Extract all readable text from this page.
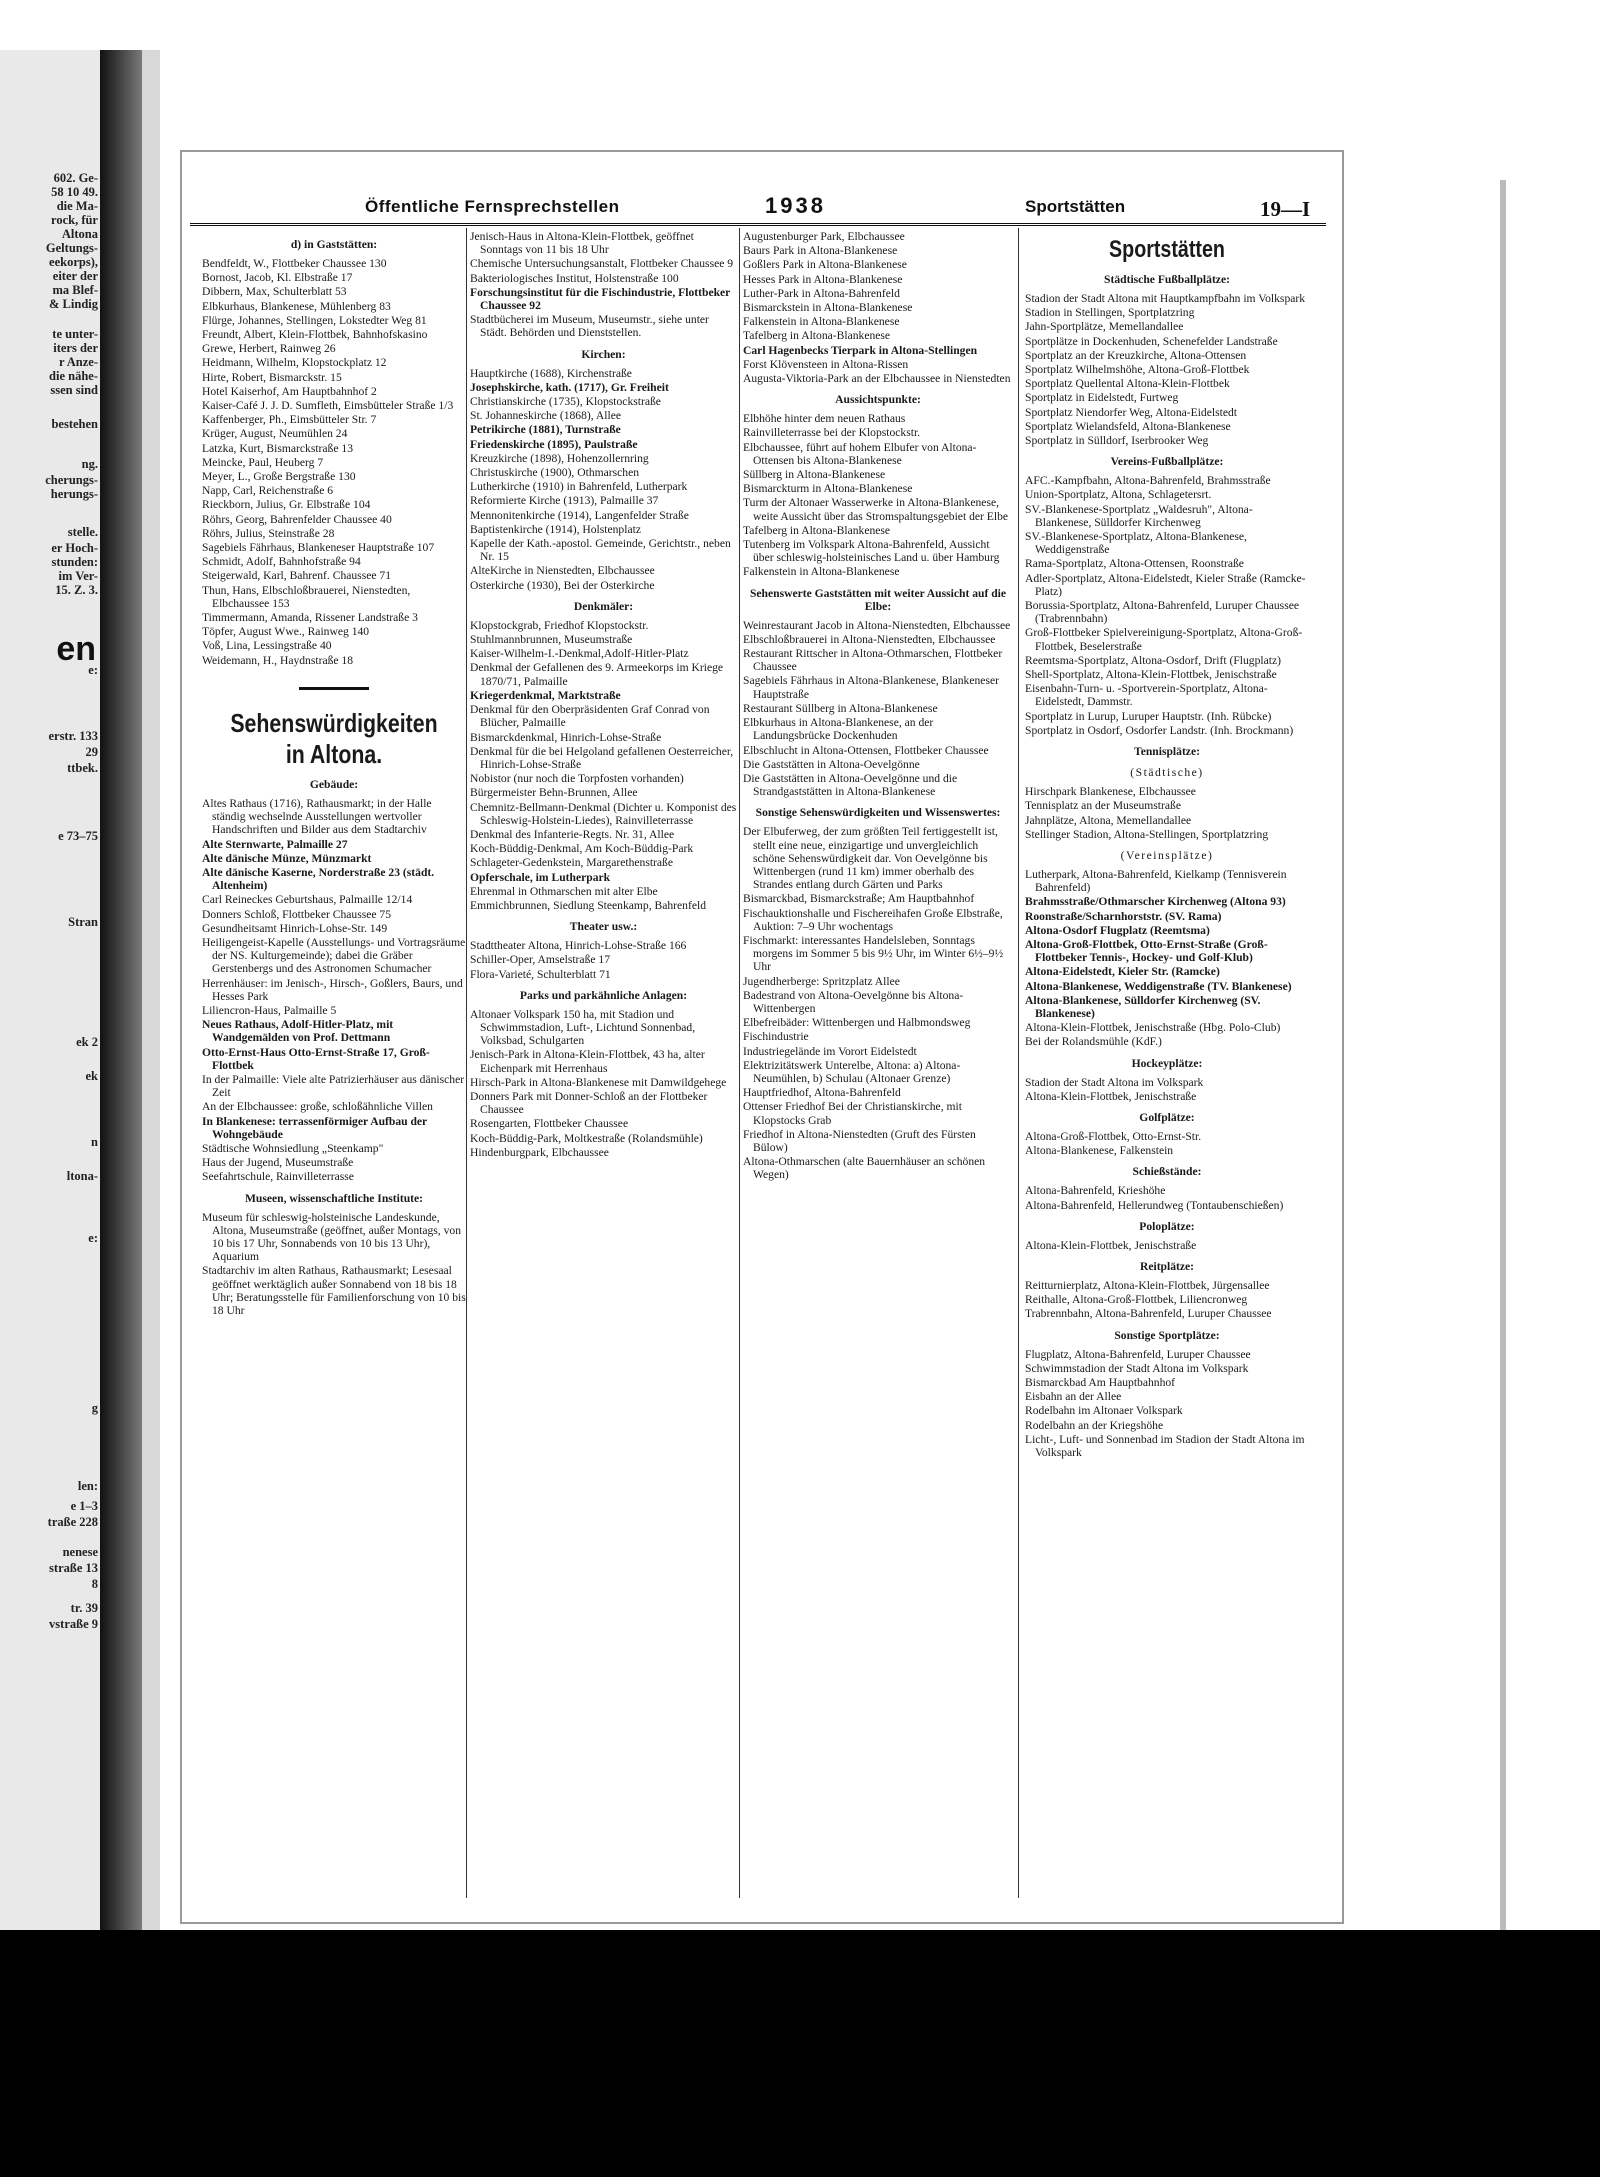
602. Ge-
58 10 49.
die Ma-
rock, für
Altona
Geltungs-
eekorps),
eiter der
ma Blef-
& Lindig
te unter-
iters der
r Anze-
die nähe-
ssen sind
bestehen
ng.
cherungs-
herungs-
stelle.
er Hoch-
stunden:
im Ver-
15. Z. 3.
e:
erstr. 133
29
ttbek.
e 73–75
Stran
ek 2
ek
n
ltona-
e:
g
len:
e 1–3
traße 228
nenese
straße 13
8
tr. 39
vstraße 9
en
Öffentliche Fernsprechstellen	1938	Sportstätten	19—I
d) in Gaststätten:
Bendfeldt, W., Flottbeker Chaussee 130
Bornost, Jacob, Kl. Elbstraße 17
Dibbern, Max, Schulterblatt 53
Elbkurhaus, Blankenese, Mühlenberg 83
Flürge, Johannes, Stellingen, Lokstedter Weg 81
Freundt, Albert, Klein-Flottbek, Bahnhofskasino
Grewe, Herbert, Rainweg 26
Heidmann, Wilhelm, Klopstockplatz 12
Hirte, Robert, Bismarckstr. 15
Hotel Kaiserhof, Am Hauptbahnhof 2
Kaiser-Café J. J. D. Sumfleth, Eimsbütteler Straße 1/3
Kaffenberger, Ph., Eimsbütteler Str. 7
Krüger, August, Neumühlen 24
Latzka, Kurt, Bismarckstraße 13
Meincke, Paul, Heuberg 7
Meyer, L., Große Bergstraße 130
Napp, Carl, Reichenstraße 6
Rieckborn, Julius, Gr. Elbstraße 104
Röhrs, Georg, Bahrenfelder Chaussee 40
Röhrs, Julius, Steinstraße 28
Sagebiels Fährhaus, Blankeneser Hauptstraße 107
Schmidt, Adolf, Bahnhofstraße 94
Steigerwald, Karl, Bahrenf. Chaussee 71
Thun, Hans, Elbschloßbrauerei, Nienstedten, Elbchaussee 153
Timmermann, Amanda, Rissener Landstraße 3
Töpfer, August Wwe., Rainweg 140
Voß, Lina, Lessingstraße 40
Weidemann, H., Haydnstraße 18
Sehenswürdigkeiten in Altona.
Gebäude:
Altes Rathaus (1716), Rathausmarkt; in der Halle ständig wechselnde Ausstellungen wertvoller Handschriften und Bilder aus dem Stadtarchiv
Alte Sternwarte, Palmaille 27
Alte dänische Münze, Münzmarkt
Alte dänische Kaserne, Norderstraße 23 (städt. Altenheim)
Carl Reineckes Geburtshaus, Palmaille 12/14
Donners Schloß, Flottbeker Chaussee 75
Gesundheitsamt Hinrich-Lohse-Str. 149
Heiligengeist-Kapelle (Ausstellungs- und Vortragsräume der NS. Kulturgemeinde); dabei die Gräber Gerstenbergs und des Astronomen Schumacher
Herrenhäuser: im Jenisch-, Hirsch-, Goßlers, Baurs, und Hesses Park
Liliencron-Haus, Palmaille 5
Neues Rathaus, Adolf-Hitler-Platz, mit Wandgemälden von Prof. Dettmann
Otto-Ernst-Haus Otto-Ernst-Straße 17, Groß-Flottbek
In der Palmaille: Viele alte Patrizierhäuser aus dänischer Zeit
An der Elbchaussee: große, schloßähnliche Villen
In Blankenese: terrassenförmiger Aufbau der Wohngebäude
Städtische Wohnsiedlung „Steenkamp"
Haus der Jugend, Museumstraße
Seefahrtschule, Rainvilleterrasse
Museen, wissenschaftliche Institute:
Museum für schleswig-holsteinische Landeskunde, Altona, Museumstraße (geöffnet, außer Montags, von 10 bis 17 Uhr, Sonnabends von 10 bis 13 Uhr), Aquarium
Stadtarchiv im alten Rathaus, Rathausmarkt; Lesesaal geöffnet werktäglich außer Sonnabend von 18 bis 18 Uhr; Beratungsstelle für Familienforschung von 10 bis 18 Uhr
Jenisch-Haus in Altona-Klein-Flottbek, geöffnet Sonntags von 11 bis 18 Uhr
Chemische Untersuchungsanstalt, Flottbeker Chaussee 9
Bakteriologisches Institut, Holstenstraße 100
Forschungsinstitut für die Fischindustrie, Flottbeker Chaussee 92
Stadtbücherei im Museum, Museumstr., siehe unter Städt. Behörden und Dienststellen.
Kirchen:
Hauptkirche (1688), Kirchenstraße
Josephskirche, kath. (1717), Gr. Freiheit
Christianskirche (1735), Klopstockstraße
St. Johanneskirche (1868), Allee
Petrikirche (1881), Turnstraße
Friedenskirche (1895), Paulstraße
Kreuzkirche (1898), Hohenzollernring
Christuskirche (1900), Othmarschen
Lutherkirche (1910) in Bahrenfeld, Lutherpark
Reformierte Kirche (1913), Palmaille 37
Mennonitenkirche (1914), Langenfelder Straße
Baptistenkirche (1914), Holstenplatz
Kapelle der Kath.-apostol. Gemeinde, Gerichtstr., neben Nr. 15
AlteKirche in Nienstedten, Elbchaussee
Osterkirche (1930), Bei der Osterkirche
Denkmäler:
Klopstockgrab, Friedhof Klopstockstr.
Stuhlmannbrunnen, Museumstraße
Kaiser-Wilhelm-I.-Denkmal,Adolf-Hitler-Platz
Denkmal der Gefallenen des 9. Armeekorps im Kriege 1870/71, Palmaille
Kriegerdenkmal, Marktstraße
Denkmal für den Oberpräsidenten Graf Conrad von Blücher, Palmaille
Bismarckdenkmal, Hinrich-Lohse-Straße
Denkmal für die bei Helgoland gefallenen Oesterreicher, Hinrich-Lohse-Straße
Nobistor (nur noch die Torpfosten vorhanden)
Bürgermeister Behn-Brunnen, Allee
Chemnitz-Bellmann-Denkmal (Dichter u. Komponist des Schleswig-Holstein-Liedes), Rainvilleterrasse
Denkmal des Infanterie-Regts. Nr. 31, Allee
Koch-Büddig-Denkmal, Am Koch-Büddig-Park
Schlageter-Gedenkstein, Margarethenstraße
Opferschale, im Lutherpark
Ehrenmal in Othmarschen mit alter Elbe
Emmichbrunnen, Siedlung Steenkamp, Bahrenfeld
Theater usw.:
Stadttheater Altona, Hinrich-Lohse-Straße 166
Schiller-Oper, Amselstraße 17
Flora-Varieté, Schulterblatt 71
Parks und parkähnliche Anlagen:
Altonaer Volkspark 150 ha, mit Stadion und Schwimmstadion, Luft-, Lichtund Sonnenbad, Volksbad, Schulgarten
Jenisch-Park in Altona-Klein-Flottbek, 43 ha, alter Eichenpark mit Herrenhaus
Hirsch-Park in Altona-Blankenese mit Damwildgehege
Donners Park mit Donner-Schloß an der Flottbeker Chaussee
Rosengarten, Flottbeker Chaussee
Koch-Büddig-Park, Moltkestraße (Rolandsmühle)
Hindenburgpark, Elbchaussee
Augustenburger Park, Elbchaussee
Baurs Park in Altona-Blankenese
Goßlers Park in Altona-Blankenese
Hesses Park in Altona-Blankenese
Luther-Park in Altona-Bahrenfeld
Bismarckstein in Altona-Blankenese
Falkenstein in Altona-Blankenese
Tafelberg in Altona-Blankenese
Carl Hagenbecks Tierpark in Altona-Stellingen
Forst Klövensteen in Altona-Rissen
Augusta-Viktoria-Park an der Elbchaussee in Nienstedten
Aussichtspunkte:
Elbhöhe hinter dem neuen Rathaus
Rainvilleterrasse bei der Klopstockstr.
Elbchaussee, führt auf hohem Elbufer von Altona-Ottensen bis Altona-Blankenese
Süllberg in Altona-Blankenese
Bismarckturm in Altona-Blankenese
Turm der Altonaer Wasserwerke in Altona-Blankenese, weite Aussicht über das Stromspaltungsgebiet der Elbe
Tafelberg in Altona-Blankenese
Tutenberg im Volkspark Altona-Bahrenfeld, Aussicht über schleswig-holsteinisches Land u. über Hamburg
Falkenstein in Altona-Blankenese
Sehenswerte Gaststätten mit weiter Aussicht auf die Elbe:
Weinrestaurant Jacob in Altona-Nienstedten, Elbchaussee
Elbschloßbrauerei in Altona-Nienstedten, Elbchaussee
Restaurant Rittscher in Altona-Othmarschen, Flottbeker Chaussee
Sagebiels Fährhaus in Altona-Blankenese, Blankeneser Hauptstraße
Restaurant Süllberg in Altona-Blankenese
Elbkurhaus in Altona-Blankenese, an der Landungsbrücke Dockenhuden
Elbschlucht in Altona-Ottensen, Flottbeker Chaussee
Die Gaststätten in Altona-Oevelgönne
Die Gaststätten in Altona-Oevelgönne und die Strandgaststätten in Altona-Blankenese
Sonstige Sehenswürdigkeiten und Wissenswertes:
Der Elbuferweg, der zum größten Teil fertiggestellt ist, stellt eine neue, einzigartige und unvergleichlich schöne Sehenswürdigkeit dar. Von Oevelgönne bis Wittenbergen (rund 11 km) immer oberhalb des Strandes entlang durch Gärten und Parks
Bismarckbad, Bismarckstraße; Am Hauptbahnhof
Fischauktionshalle und Fischereihafen Große Elbstraße, Auktion: 7–9 Uhr wochentags
Fischmarkt: interessantes Handelsleben, Sonntags morgens im Sommer 5 bis 9½ Uhr, im Winter 6½–9½ Uhr
Jugendherberge: Spritzplatz Allee
Badestrand von Altona-Oevelgönne bis Altona-Wittenbergen
Elbefreibäder: Wittenbergen und Halbmondsweg
Fischindustrie
Industriegelände im Vorort Eidelstedt
Elektrizitätswerk Unterelbe, Altona: a) Altona-Neumühlen, b) Schulau (Altonaer Grenze)
Hauptfriedhof, Altona-Bahrenfeld
Ottenser Friedhof Bei der Christianskirche, mit Klopstocks Grab
Friedhof in Altona-Nienstedten (Gruft des Fürsten Bülow)
Altona-Othmarschen (alte Bauernhäuser an schönen Wegen)
Sportstätten
Städtische Fußballplätze:
Stadion der Stadt Altona mit Hauptkampfbahn im Volkspark
Stadion in Stellingen, Sportplatzring
Jahn-Sportplätze, Memellandallee
Sportplätze in Dockenhuden, Schenefelder Landstraße
Sportplatz an der Kreuzkirche, Altona-Ottensen
Sportplatz Wilhelmshöhe, Altona-Groß-Flottbek
Sportplatz Quellental Altona-Klein-Flottbek
Sportplatz in Eidelstedt, Furtweg
Sportplatz Niendorfer Weg, Altona-Eidelstedt
Sportplatz Wielandsfeld, Altona-Blankenese
Sportplatz in Sülldorf, Iserbrooker Weg
Vereins-Fußballplätze:
AFC.-Kampfbahn, Altona-Bahrenfeld, Brahmsstraße
Union-Sportplatz, Altona, Schlagetersrt.
SV.-Blankenese-Sportplatz „Waldesruh", Altona-Blankenese, Sülldorfer Kirchenweg
SV.-Blankenese-Sportplatz, Altona-Blankenese, Weddigenstraße
Rama-Sportplatz, Altona-Ottensen, Roonstraße
Adler-Sportplatz, Altona-Eidelstedt, Kieler Straße (Ramcke-Platz)
Borussia-Sportplatz, Altona-Bahrenfeld, Luruper Chaussee (Trabrennbahn)
Groß-Flottbeker Spielvereinigung-Sportplatz, Altona-Groß-Flottbek, Beselerstraße
Reemtsma-Sportplatz, Altona-Osdorf, Drift (Flugplatz)
Shell-Sportplatz, Altona-Klein-Flottbek, Jenischstraße
Eisenbahn-Turn- u. -Sportverein-Sportplatz, Altona-Eidelstedt, Dammstr.
Sportplatz in Lurup, Luruper Hauptstr. (Inh. Rübcke)
Sportplatz in Osdorf, Osdorfer Landstr. (Inh. Brockmann)
Tennisplätze:
(Städtische)
Hirschpark Blankenese, Elbchaussee
Tennisplatz an der Museumstraße
Jahnplätze, Altona, Memellandallee
Stellinger Stadion, Altona-Stellingen, Sportplatzring
(Vereinsplätze)
Lutherpark, Altona-Bahrenfeld, Kielkamp (Tennisverein Bahrenfeld)
Brahmsstraße/Othmarscher Kirchenweg (Altona 93)
Roonstraße/Scharnhorststr. (SV. Rama)
Altona-Osdorf Flugplatz (Reemtsma)
Altona-Groß-Flottbek, Otto-Ernst-Straße (Groß-Flottbeker Tennis-, Hockey- und Golf-Klub)
Altona-Eidelstedt, Kieler Str. (Ramcke)
Altona-Blankenese, Weddigenstraße (TV. Blankenese)
Altona-Blankenese, Sülldorfer Kirchenweg (SV. Blankenese)
Altona-Klein-Flottbek, Jenischstraße (Hbg. Polo-Club)
Bei der Rolandsmühle (KdF.)
Hockeyplätze:
Stadion der Stadt Altona im Volkspark
Altona-Klein-Flottbek, Jenischstraße
Golfplätze:
Altona-Groß-Flottbek, Otto-Ernst-Str.
Altona-Blankenese, Falkenstein
Schießstände:
Altona-Bahrenfeld, Krieshöhe
Altona-Bahrenfeld, Hellerundweg (Tontaubenschießen)
Poloplätze:
Altona-Klein-Flottbek, Jenischstraße
Reitplätze:
Reitturnierplatz, Altona-Klein-Flottbek, Jürgensallee
Reithalle, Altona-Groß-Flottbek, Liliencronweg
Trabrennbahn, Altona-Bahrenfeld, Luruper Chaussee
Sonstige Sportplätze:
Flugplatz, Altona-Bahrenfeld, Luruper Chaussee
Schwimmstadion der Stadt Altona im Volkspark
Bismarckbad Am Hauptbahnhof
Eisbahn an der Allee
Rodelbahn im Altonaer Volkspark
Rodelbahn an der Kriegshöhe
Licht-, Luft- und Sonnenbad im Stadion der Stadt Altona im Volkspark
